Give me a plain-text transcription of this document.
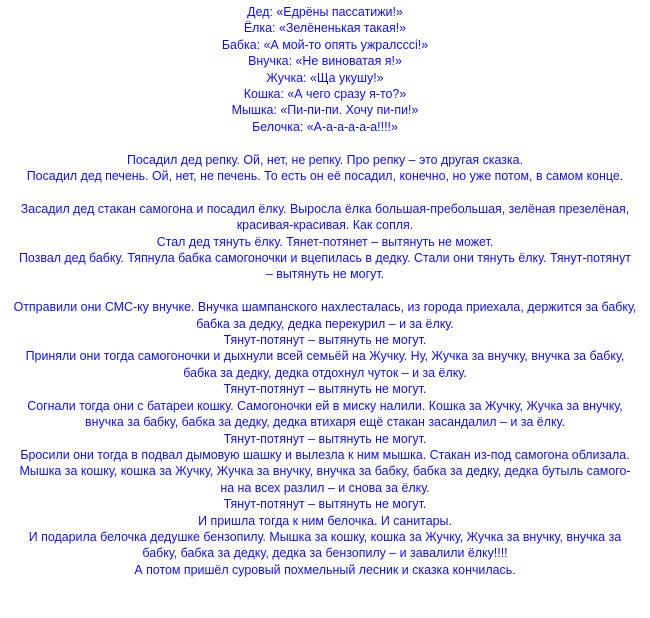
Дед: «Едрёны пассатижи!»
Ёлка: «Зелёненькая такая!»
Бабка: «А мой-то опять ужралсссi!»
Внучка: «Не виноватая я!»
Жучка: «Ща укушу!»
Кошка: «А чего сразу я-то?»
Мышка: «Пи-пи-пи. Хочу пи-пи!»
Белочка: «А-а-а-а-а-а!!!!»
Посадил дед репку. Ой, нет, не репку. Про репку – это другая сказка.
Посадил дед печень. Ой, нет, не печень. То есть он её посадил, конечно, но уже потом, в самом конце.
Засадил дед стакан самогона и посадил ёлку. Выросла ёлка большая-пребольшая, зелёная презелёная,
красивая-красивая. Как сопля.
Стал дед тянуть ёлку. Тянет-потянет – вытянуть не может.
Позвал дед бабку. Тяпнула бабка самогоночки и вцепилась в дедку. Стали они тянуть ёлку. Тянут-потянут
– вытянуть не могут.
Отправили они СМС-ку внучке. Внучка шампанского нахлесталась, из города приехала, держится за бабку,
бабка за дедку, дедка перекурил – и за ёлку.
Тянут-потянут – вытянуть не могут.
Приняли они тогда самогоночки и дыхнули всей семьёй на Жучку. Ну, Жучка за внучку, внучка за бабку,
бабка за дедку, дедка отдохнул чуток – и за ёлку.
Тянут-потянут – вытянуть не могут.
Согнали тогда они с батареи кошку. Самогоночки ей в миску налили. Кошка за Жучку, Жучка за внучку,
внучка за бабку, бабка за дедку, дедка втихаря ещё стакан засандалил – и за ёлку.
Тянут-потянут – вытянуть не могут.
Бросили они тогда в подвал дымовую шашку и вылезла к ним мышка. Стакан из-под самогона облизала.
Мышка за кошку, кошка за Жучку, Жучка за внучку, внучка за бабку, бабка за дедку, дедка бутыль самого-
на на всех разлил – и снова за ёлку.
Тянут-потянут – вытянуть не могут.
И пришла тогда к ним белочка. И санитары.
И подарила белочка дедушке бензопилу. Мышка за кошку, кошка за Жучку, Жучка за внучку, внучка за
бабку, бабка за дедку, дедка за бензопилу – и завалили ёлку!!!!
А потом пришёл суровый похмельный лесник и сказка кончилась.
